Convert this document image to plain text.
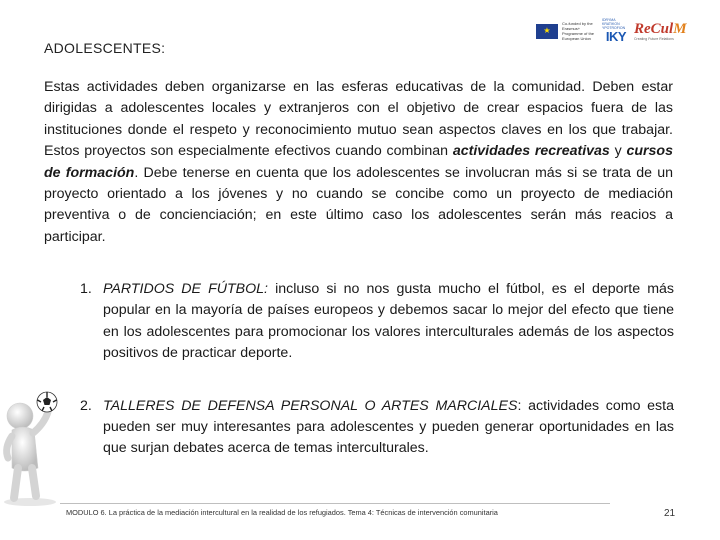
★
Co-funded by the Erasmus+ Programme of the European Union
IDRYMA KRATIKON YPOTROFION
IKY ReCulM
Creating Future Relations
ADOLESCENTES:

Estas actividades deben organizarse en las esferas educativas de la comunidad. Deben estar dirigidas a adolescentes locales y extranjeros con el objetivo de crear espacios fuera de las instituciones donde el respeto y reconocimiento mutuo sean aspectos claves en los que trabajar. Estos proyectos son especialmente efectivos cuando combinan actividades recreativas y cursos de formación. Debe tenerse en cuenta que los adolescentes se involucran más si se trata de un proyecto orientado a los jóvenes y no cuando se concibe como un proyecto de mediación preventiva o de concienciación; en este último caso los adolescentes serán más reacios a participar.

1. PARTIDOS DE FÚTBOL: incluso si no nos gusta mucho el fútbol, es el deporte más popular en la mayoría de países europeos y debemos sacar lo mejor del efecto que tiene en los adolescentes para promocionar los valores interculturales además de los aspectos positivos de practicar deporte.
2. TALLERES DE DEFENSA PERSONAL O ARTES MARCIALES: actividades como esta pueden ser muy interesantes para adolescentes y pueden generar oportunidades en las que surjan debates acerca de temas interculturales.
MODULO 6. La práctica de la mediación intercultural en la realidad de los refugiados. Tema 4: Técnicas de intervención comunitaria	21
